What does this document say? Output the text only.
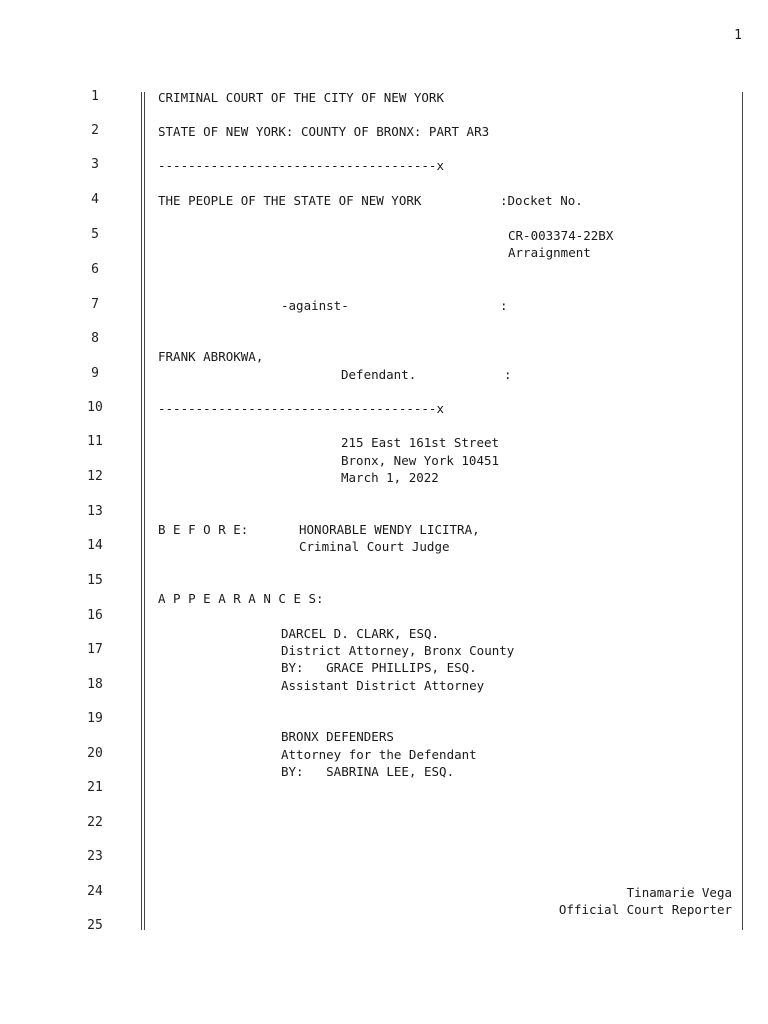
1
1
2
3
4
5
6
7
8
9
10
11
12
13
14
15
16
17
18
19
20
21
22
23
24
25
CRIMINAL COURT OF THE CITY OF NEW YORK
STATE OF NEW YORK: COUNTY OF BRONX: PART AR3
-------------------------------------x
THE PEOPLE OF THE STATE OF NEW YORK	:Docket No.
CR-003374-22BX
Arraignment
-against-	:
FRANK ABROKWA,
Defendant.	:
-------------------------------------x
215 East 161st Street
Bronx, New York 10451
March 1, 2022
B E F O R E:	HONORABLE WENDY LICITRA,
Criminal Court Judge
A P P E A R A N C E S:
DARCEL D. CLARK, ESQ.
District Attorney, Bronx County
BY:   GRACE PHILLIPS, ESQ.
Assistant District Attorney
BRONX DEFENDERS
Attorney for the Defendant
BY:   SABRINA LEE, ESQ.
Tinamarie Vega
Official Court Reporter
